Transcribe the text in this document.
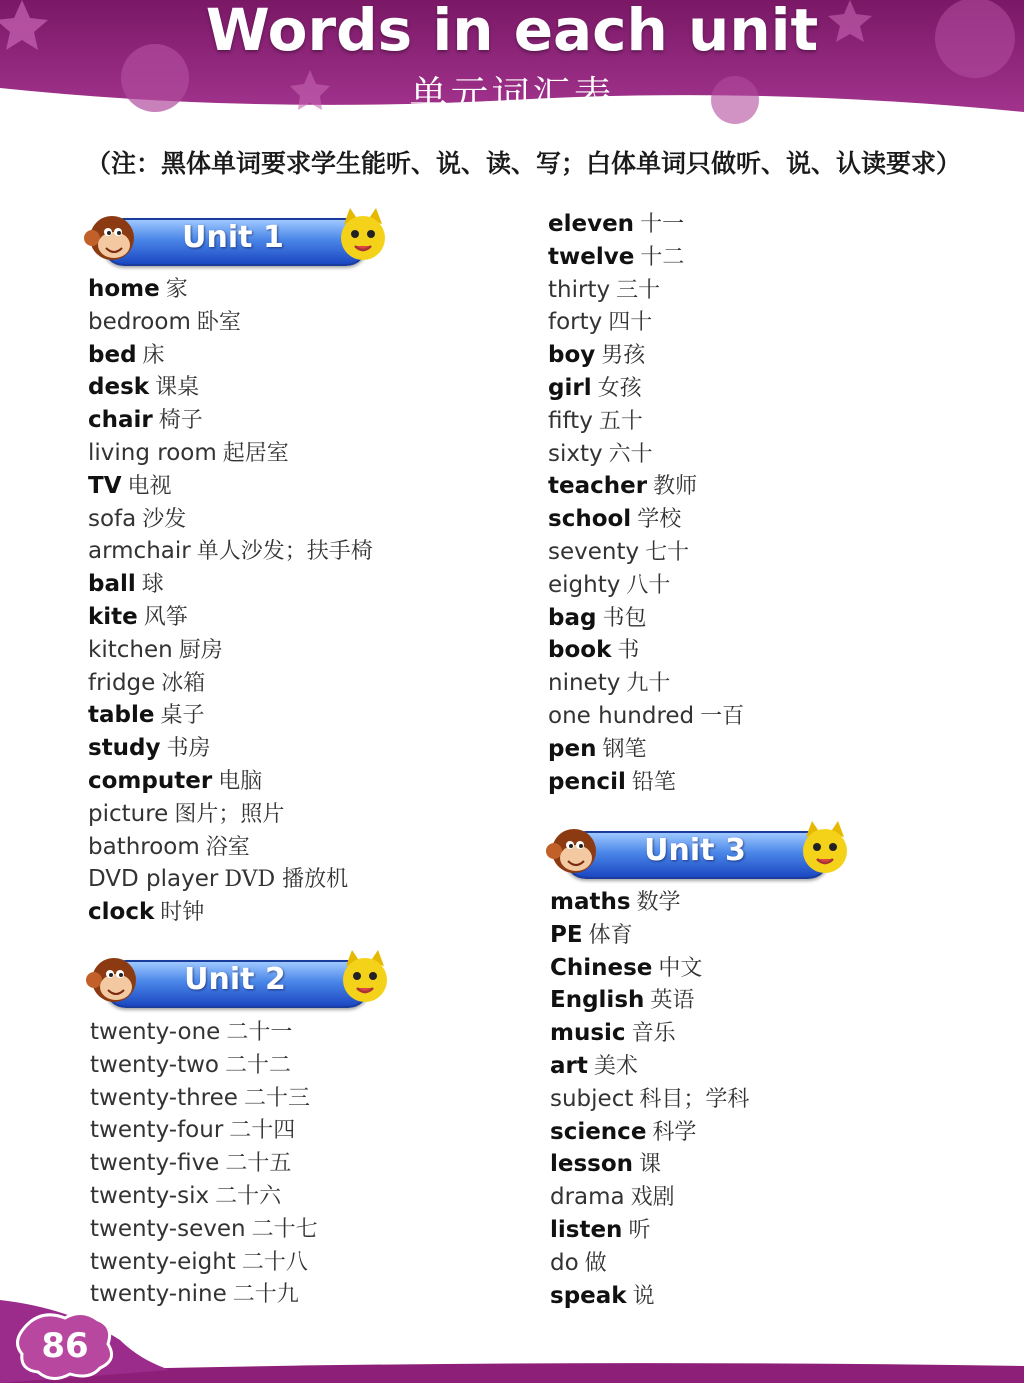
Words in each unit
单元词汇表
（注：黑体单词要求学生能听、说、读、写；白体单词只做听、说、认读要求）
Unit 1
home 家
bedroom 卧室
bed 床
desk 课桌
chair 椅子
living room 起居室
TV 电视
sofa 沙发
armchair 单人沙发；扶手椅
ball 球
kite 风筝
kitchen 厨房
fridge 冰箱
table 桌子
study 书房
computer 电脑
picture 图片；照片
bathroom 浴室
DVD player DVD 播放机
clock 时钟
Unit 2
twenty-one 二十一
twenty-two 二十二
twenty-three 二十三
twenty-four 二十四
twenty-five 二十五
twenty-six 二十六
twenty-seven 二十七
twenty-eight 二十八
twenty-nine 二十九
eleven 十一
twelve 十二
thirty 三十
forty 四十
boy 男孩
girl 女孩
fifty 五十
sixty 六十
teacher 教师
school 学校
seventy 七十
eighty 八十
bag 书包
book 书
ninety 九十
one hundred 一百
pen 钢笔
pencil 铅笔
Unit 3
maths 数学
PE 体育
Chinese 中文
English 英语
music 音乐
art 美术
subject 科目；学科
science 科学
lesson 课
drama 戏剧
listen 听
do 做
speak 说
86
